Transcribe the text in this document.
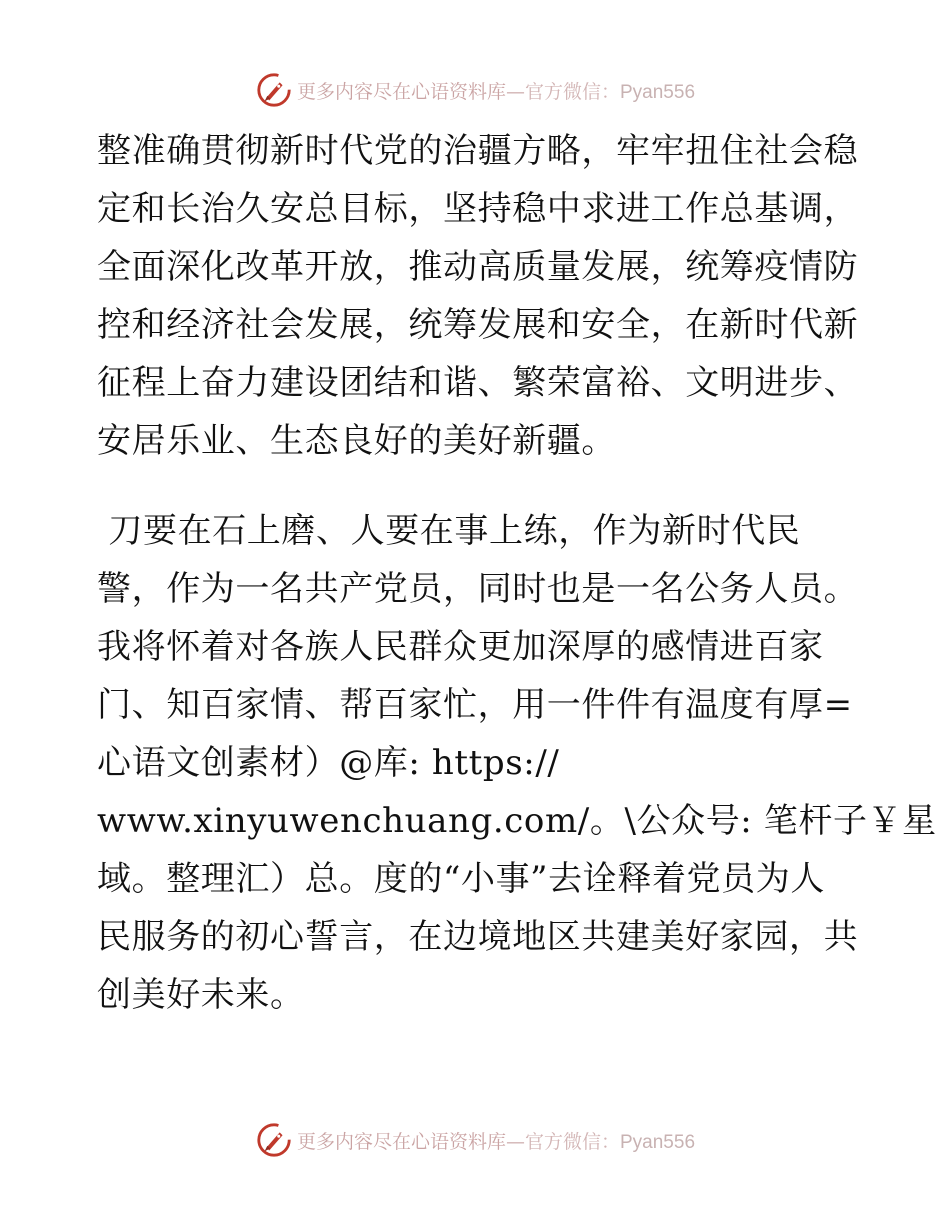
更多内容尽在心语资料库—官方微信：Pyan556
整准确贯彻新时代党的治疆方略，牢牢扭住社会稳
定和长治久安总目标，坚持稳中求进工作总基调，
全面深化改革开放，推动高质量发展，统筹疫情防
控和经济社会发展，统筹发展和安全，在新时代新
征程上奋力建设团结和谐、繁荣富裕、文明进步、
安居乐业、生态良好的美好新疆。
刀要在石上磨、人要在事上练，作为新时代民
警，作为一名共产党员，同时也是一名公务人员。
我将怀着对各族人民群众更加深厚的感情进百家
门、知百家情、帮百家忙，用一件件有温度有厚=
心语文创素材）@库: https://
www.xinyuwenchuang.com/。\公众号: 笔杆子￥星
域。整理汇）总。度的“小事”去诠释着党员为人
民服务的初心誓言，在边境地区共建美好家园，共
创美好未来。
更多内容尽在心语资料库—官方微信：Pyan556
